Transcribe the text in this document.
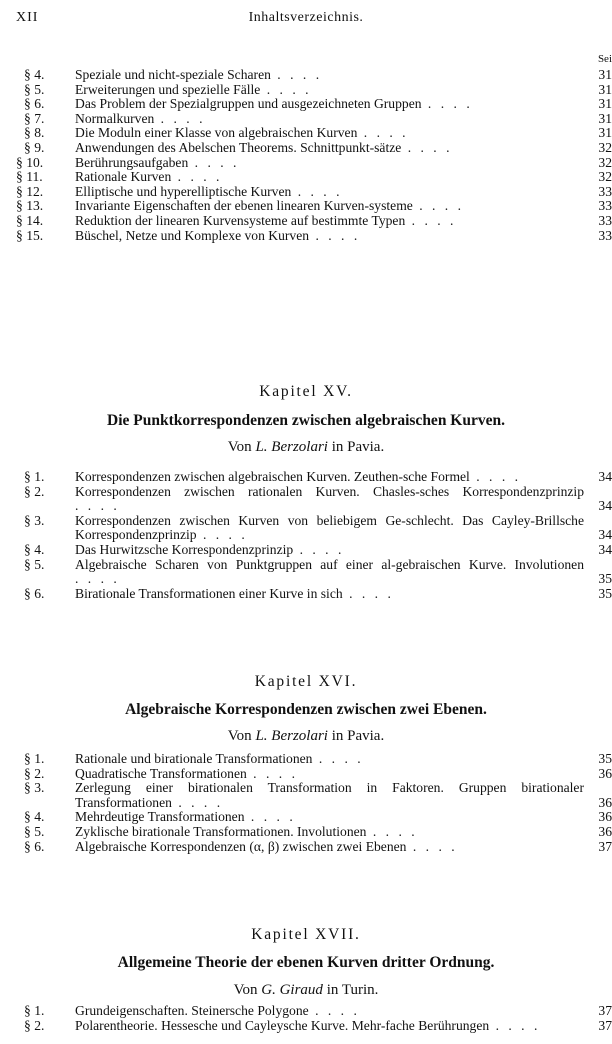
XII	Inhaltsverzeichnis.
Sei
§ 4. Speziale und nicht-speziale Scharen . . . .	31
§ 5. Erweiterungen und spezielle Fälle . . . .	31
§ 6. Das Problem der Spezialgruppen und ausgezeichneten Gruppen . . . .	31
§ 7. Normalkurven . . . .	31
§ 8. Die Moduln einer Klasse von algebraischen Kurven . . . .	31
§ 9. Anwendungen des Abelschen Theorems. Schnittpunkt-sätze . . . .	32
§ 10. Berührungsaufgaben . . . .	32
§ 11. Rationale Kurven . . . .	32
§ 12. Elliptische und hyperelliptische Kurven . . . .	33
§ 13. Invariante Eigenschaften der ebenen linearen Kurven-systeme . . . .	33
§ 14. Reduktion der linearen Kurvensysteme auf bestimmte Typen . . . .	33
§ 15. Büschel, Netze und Komplexe von Kurven . . . .	33
Kapitel XV.
Die Punktkorrespondenzen zwischen algebraischen Kurven.
Von L. Berzolari in Pavia.
§ 1. Korrespondenzen zwischen algebraischen Kurven. Zeuthen-sche Formel . . . .	34
§ 2. Korrespondenzen zwischen rationalen Kurven. Chasles-sches Korrespondenzprinzip . . . .	34
§ 3. Korrespondenzen zwischen Kurven von beliebigem Ge-schlecht. Das Cayley-Brillsche Korrespondenzprinzip . . . .	34
§ 4. Das Hurwitzsche Korrespondenzprinzip . . . .	34
§ 5. Algebraische Scharen von Punktgruppen auf einer al-gebraischen Kurve. Involutionen . . . .	35
§ 6. Birationale Transformationen einer Kurve in sich . . . .	35
Kapitel XVI.
Algebraische Korrespondenzen zwischen zwei Ebenen.
Von L. Berzolari in Pavia.
§ 1. Rationale und birationale Transformationen . . . .	35
§ 2. Quadratische Transformationen . . . .	36
§ 3. Zerlegung einer birationalen Transformation in Faktoren. Gruppen birationaler Transformationen . . . .	36
§ 4. Mehrdeutige Transformationen . . . .	36
§ 5. Zyklische birationale Transformationen. Involutionen . . . .	36
§ 6. Algebraische Korrespondenzen (α, β) zwischen zwei Ebenen . . . .	37
Kapitel XVII.
Allgemeine Theorie der ebenen Kurven dritter Ordnung.
Von G. Giraud in Turin.
§ 1. Grundeigenschaften. Steinersche Polygone . . . .	37
§ 2. Polarentheorie. Hessesche und Cayleysche Kurve. Mehr-fache Berührungen . . . .	37
